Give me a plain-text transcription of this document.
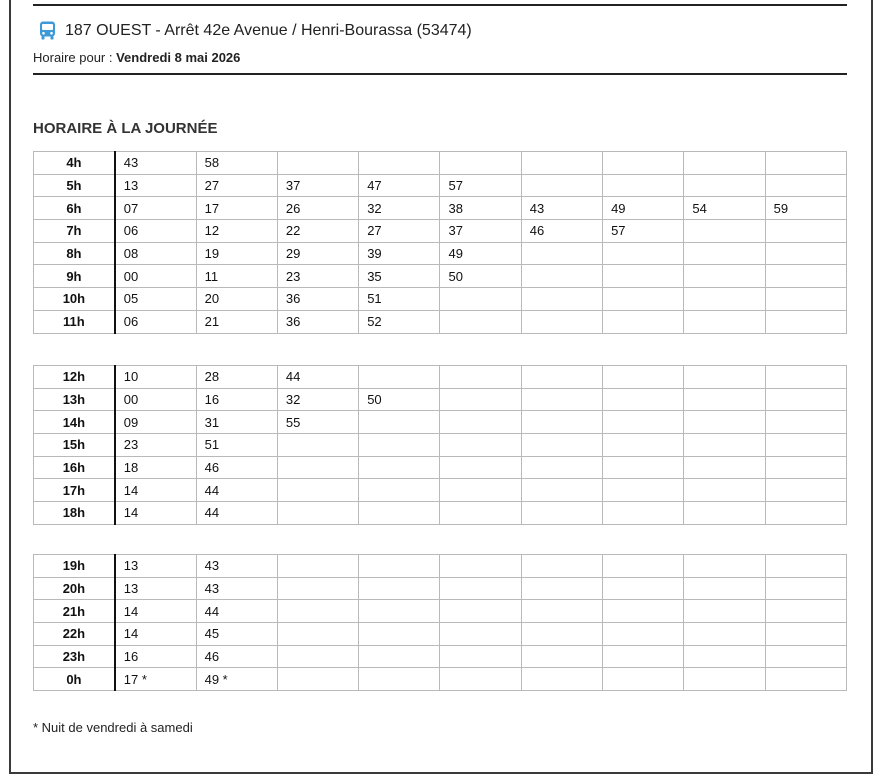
187 OUEST - Arrêt 42e Avenue / Henri-Bourassa (53474)
Horaire pour : Vendredi 8 mai 2026
HORAIRE À LA JOURNÉE
4h	43	58							
5h	13	27	37	47	57				
6h	07	17	26	32	38	43	49	54	59
7h	06	12	22	27	37	46	57		
8h	08	19	29	39	49				
9h	00	11	23	35	50				
10h	05	20	36	51					
11h	06	21	36	52					
12h	10	28	44						
13h	00	16	32	50					
14h	09	31	55						
15h	23	51							
16h	18	46							
17h	14	44							
18h	14	44							
19h	13	43							
20h	13	43							
21h	14	44							
22h	14	45							
23h	16	46							
0h	17 *	49 *							
* Nuit de vendredi à samedi
